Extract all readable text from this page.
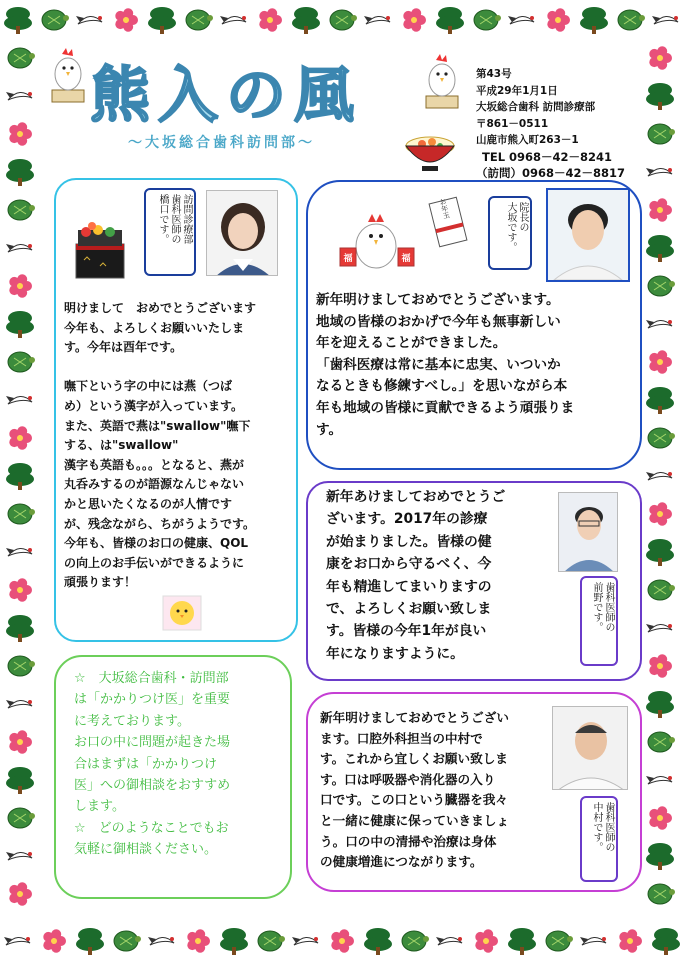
熊入の風
～大坂総合歯科訪問部～
第43号
平成29年1月1日
大坂総合歯科 訪問診療部
〒861－0511
山鹿市熊入町263－1
TEL 0968－42－8241
（訪問）0968－42－8817
訪問診療部
歯科医師の
橋口です。
明けまして　おめでとうございます
今年も、よろしくお願いいたしま
す。今年は酉年です。

嘸下という字の中には燕（つば
め）という漢字が入っています。
また、英語で燕は"swallow"嘸下
する、は"swallow"
漢字も英語も。。。となると、燕が
丸呑みするのが語源なんじゃない
かと思いたくなるのが人情です
が、残念ながら、ちがうようです。
今年も、皆様のお口の健康、QOL
の向上のお手伝いができるように
頑張ります！
福	福
お年玉	院長の
大坂です。
新年明けましておめでとうございます。
地域の皆様のおかげで今年も無事新しい
年を迎えることができました。
「歯科医療は常に基本に忠実、いついか
なるときも修練すべし。」を思いながら本
年も地域の皆様に貢献できるよう頑張りま
す。
新年あけましておめでとうご
ざいます。2017年の診療
が始まりました。皆様の健
康をお口から守るべく、今
年も精進してまいりますの
で、よろしくお願い致しま
す。皆様の今年1年が良い
年になりますように。
歯科医師の
前野です。
☆　大坂総合歯科・訪問部
は「かかりつけ医」を重要
に考えております。
お口の中に問題が起きた場
合はまずは「かかりつけ
医」への御相談をおすすめ
します。
☆　どのようなことでもお
気軽に御相談ください。
新年明けましておめでとうござい
ます。口腔外科担当の中村で
す。これから宜しくお願い致しま
す。口は呼吸器や消化器の入り
口です。この口という臓器を我々
と一緒に健康に保っていきましょ
う。口の中の清掃や治療は身体
の健康増進につながります。
歯科医師の
中村です。
